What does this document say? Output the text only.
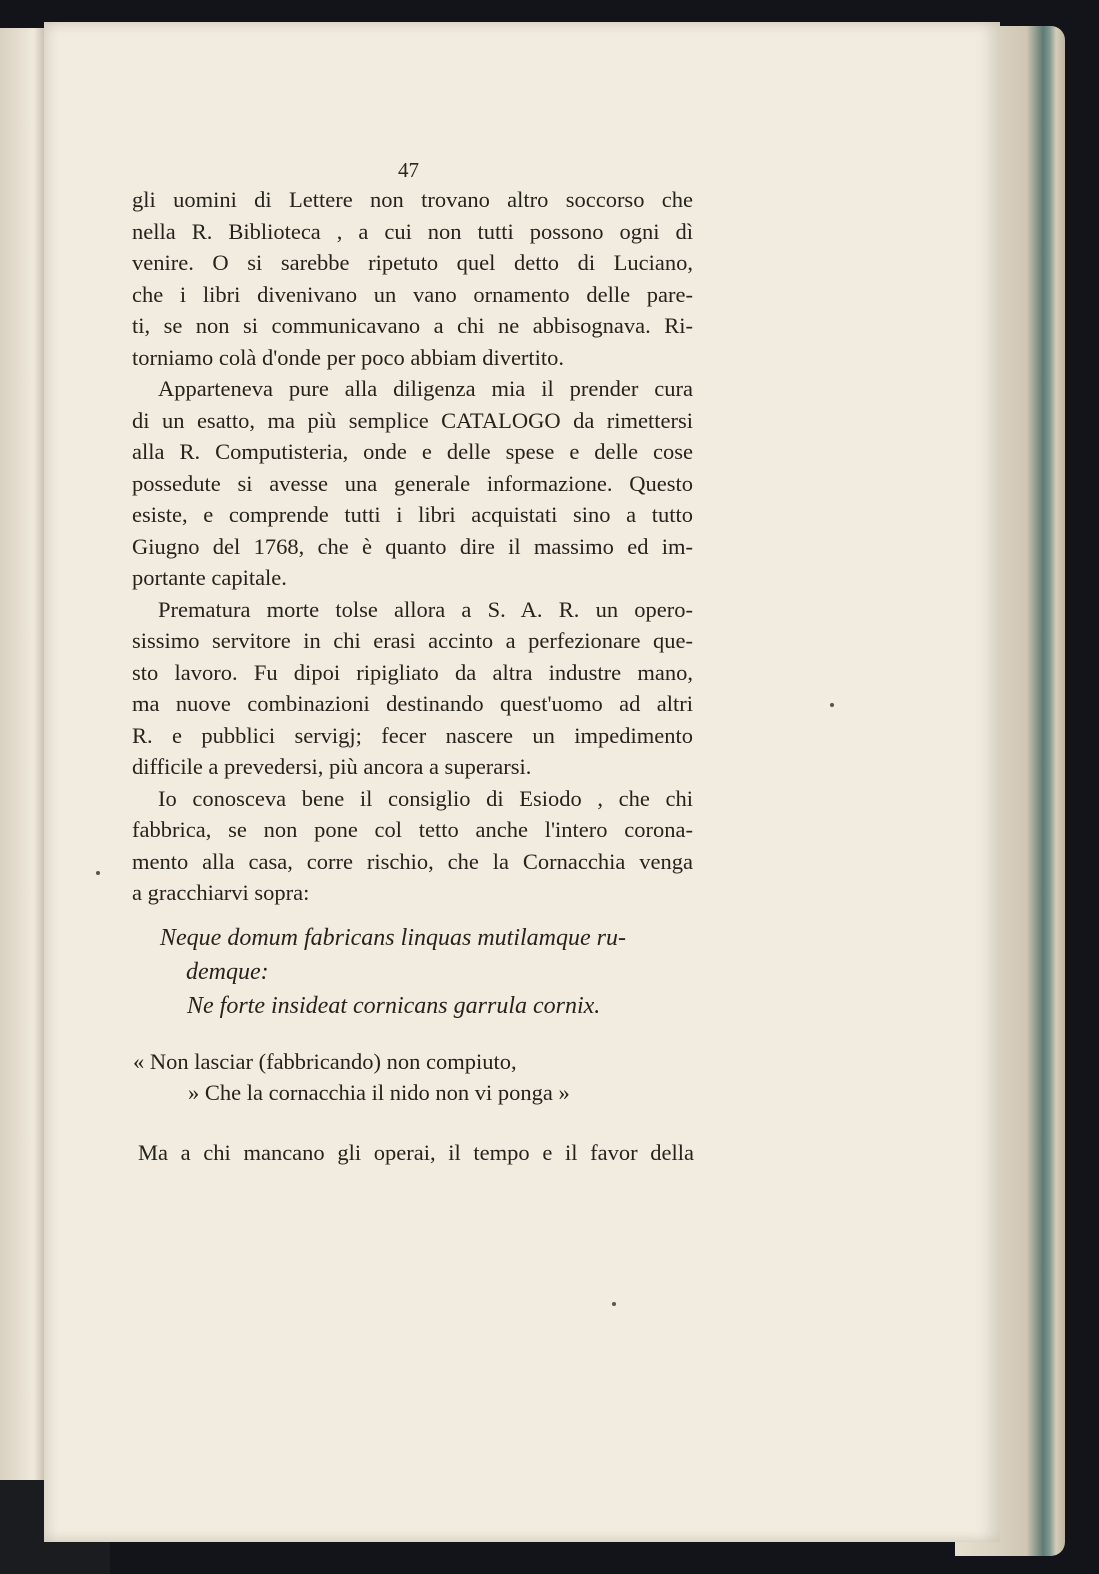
47
gli uomini di Lettere non trovano altro soccorso che
nella R. Biblioteca , a cui non tutti possono ogni dì
venire. O si sarebbe ripetuto quel detto di Luciano,
che i libri divenivano un vano ornamento delle pare-
ti, se non si communicavano a chi ne abbisognava. Ri-
torniamo colà d'onde per poco abbiam divertito.
Apparteneva pure alla diligenza mia il prender cura
di un esatto, ma più semplice CATALOGO da rimettersi
alla R. Computisteria, onde e delle spese e delle cose
possedute si avesse una generale informazione. Questo
esiste, e comprende tutti i libri acquistati sino a tutto
Giugno del 1768, che è quanto dire il massimo ed im-
portante capitale.
Prematura morte tolse allora a S. A. R. un opero-
sissimo servitore in chi erasi accinto a perfezionare que-
sto lavoro. Fu dipoi ripigliato da altra industre mano,
ma nuove combinazioni destinando quest'uomo ad altri
R. e pubblici servigj; fecer nascere un impedimento
difficile a prevedersi, più ancora a superarsi.
Io conosceva bene il consiglio di Esiodo , che chi
fabbrica, se non pone col tetto anche l'intero corona-
mento alla casa, corre rischio, che la Cornacchia venga
a gracchiarvi sopra:
Neque domum fabricans linquas mutilamque ru-
demque:
Ne forte insideat cornicans garrula cornix.
« Non lasciar (fabbricando) non compiuto,
» Che la cornacchia il nido non vi ponga »
Ma a chi mancano gli operai, il tempo e il favor della
